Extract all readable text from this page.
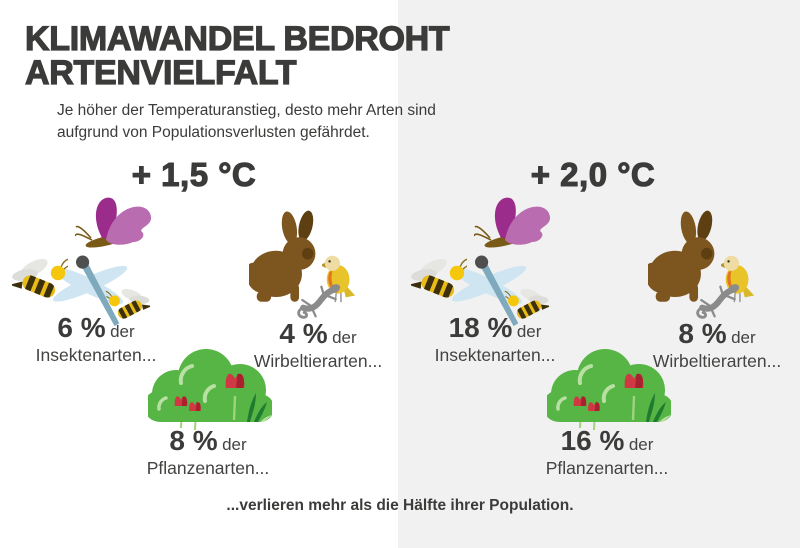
KLIMAWANDEL BEDROHT
ARTENVIELFALT

Je höher der Temperaturanstieg, desto mehr Arten sind
aufgrund von Populationsverlusten gefährdet.

+ 1,5 °C
6 % der
Insektenarten...
4 % der
Wirbeltierarten...
8 % der
Pflanzenarten...
+ 2,0 °C
18 % der
Insektenarten...
8 % der
Wirbeltierarten...
16 % der
Pflanzenarten...
...verlieren mehr als die Hälfte ihrer Population.
